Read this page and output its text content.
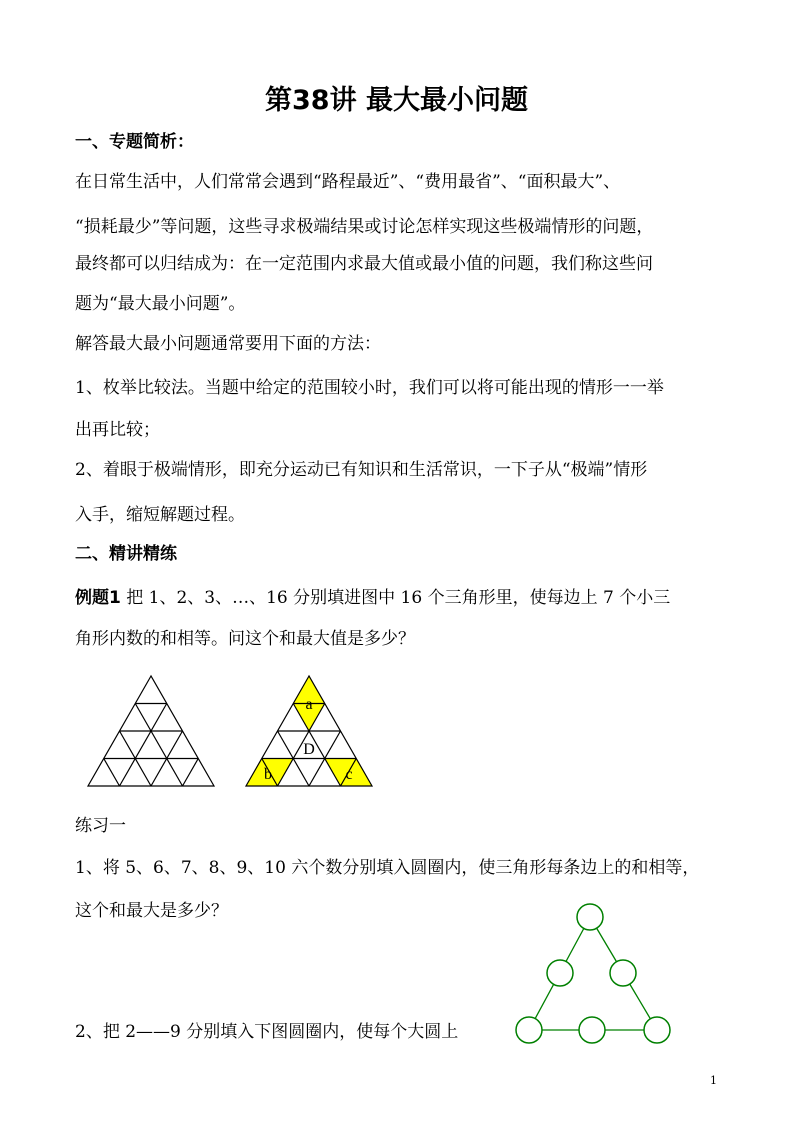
第38讲 最大最小问题
一、专题简析：
在日常生活中，人们常常会遇到“路程最近”、“费用最省”、“面积最大”、
“损耗最少”等问题，这些寻求极端结果或讨论怎样实现这些极端情形的问题，
最终都可以归结成为：在一定范围内求最大值或最小值的问题，我们称这些问
题为“最大最小问题”。
解答最大最小问题通常要用下面的方法：
1、枚举比较法。当题中给定的范围较小时，我们可以将可能出现的情形一一举
出再比较；
2、着眼于极端情形，即充分运动已有知识和生活常识，一下子从“极端”情形
入手，缩短解题过程。
二、精讲精练
例题1 把 1、2、3、…、16 分别填进图中 16 个三角形里，使每边上 7 个小三
角形内数的和相等。问这个和最大值是多少？
a
D
b	c
练习一
1、将 5、6、7、8、9、10 六个数分别填入圆圈内，使三角形每条边上的和相等，
这个和最大是多少？
2、把 2——9 分别填入下图圆圈内，使每个大圆上
1
